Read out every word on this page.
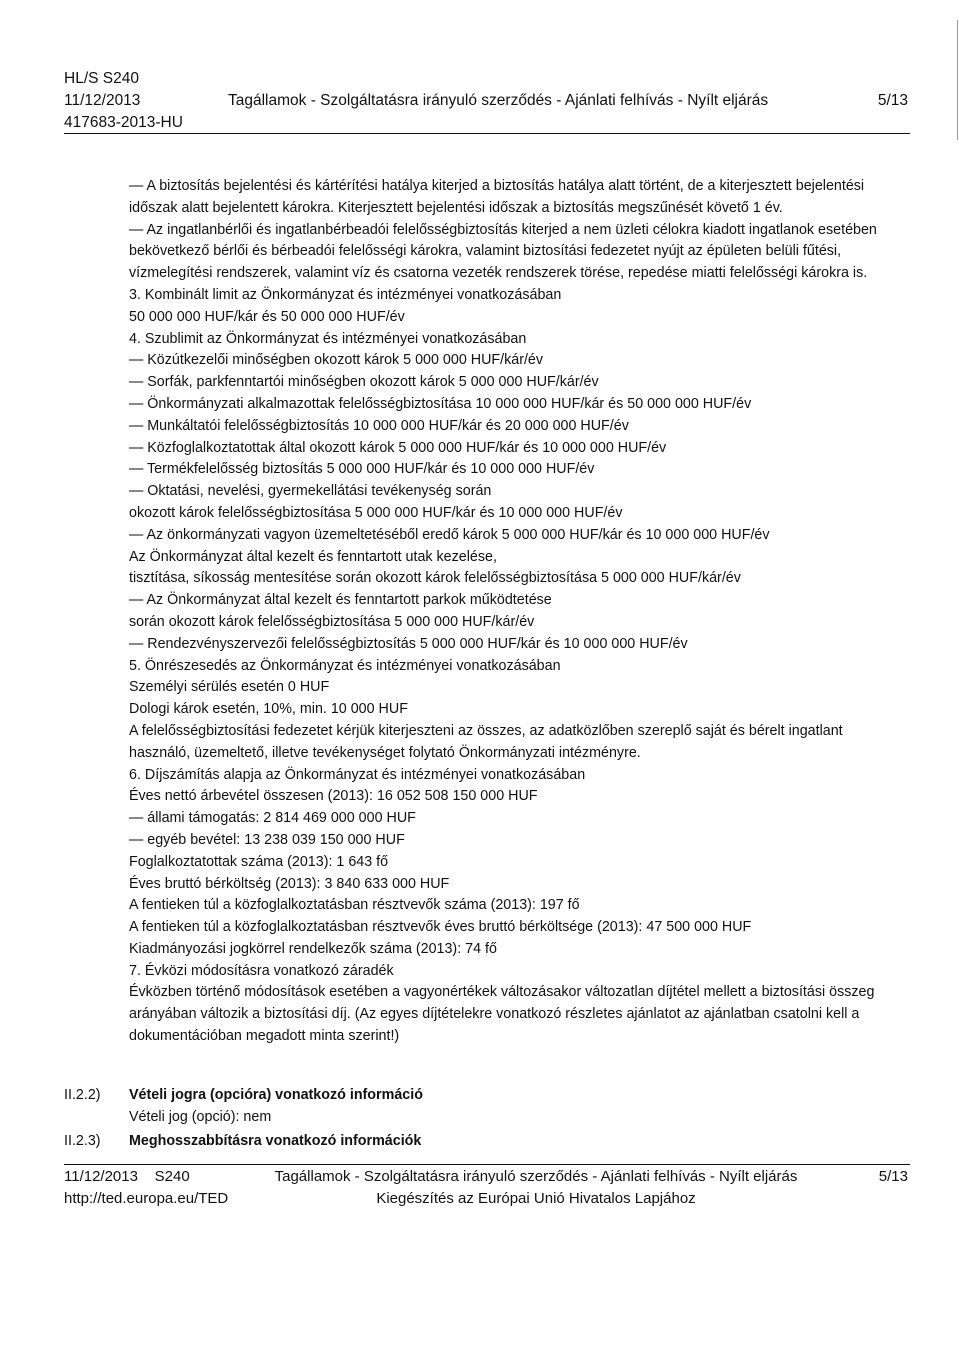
HL/S S240
11/12/2013
417683-2013-HU
Tagállamok - Szolgáltatásra irányuló szerződés - Ajánlati felhívás - Nyílt eljárás	5/13

— A biztosítás bejelentési és kártérítési hatálya kiterjed a biztosítás hatálya alatt történt, de a kiterjesztett bejelentési időszak alatt bejelentett károkra. Kiterjesztett bejelentési időszak a biztosítás megszűnését követő 1 év.

— Az ingatlanbérlői és ingatlanbérbeadói felelősségbiztosítás kiterjed a nem üzleti célokra kiadott ingatlanok esetében bekövetkező bérlői és bérbeadói felelősségi károkra, valamint biztosítási fedezetet nyújt az épületen belüli fűtési, vízmelegítési rendszerek, valamint víz és csatorna vezeték rendszerek törése, repedése miatti felelősségi károkra is.

3. Kombinált limit az Önkormányzat és intézményei vonatkozásában

50 000 000 HUF/kár és 50 000 000 HUF/év

4. Szublimit az Önkormányzat és intézményei vonatkozásában

— Közútkezelői minőségben okozott károk 5 000 000 HUF/kár/év

— Sorfák, parkfenntartói minőségben okozott károk 5 000 000 HUF/kár/év

— Önkormányzati alkalmazottak felelősségbiztosítása 10 000 000 HUF/kár és 50 000 000 HUF/év

— Munkáltatói felelősségbiztosítás 10 000 000 HUF/kár és 20 000 000 HUF/év

— Közfoglalkoztatottak által okozott károk 5 000 000 HUF/kár és 10 000 000 HUF/év

— Termékfelelősség biztosítás 5 000 000 HUF/kár és 10 000 000 HUF/év

— Oktatási, nevelési, gyermekellátási tevékenység során

okozott károk felelősségbiztosítása 5 000 000 HUF/kár és 10 000 000 HUF/év

— Az önkormányzati vagyon üzemeltetéséből eredő károk 5 000 000 HUF/kár és 10 000 000 HUF/év

Az Önkormányzat által kezelt és fenntartott utak kezelése,

tisztítása, síkosság mentesítése során okozott károk felelősségbiztosítása 5 000 000 HUF/kár/év

— Az Önkormányzat által kezelt és fenntartott parkok működtetése

során okozott károk felelősségbiztosítása 5 000 000 HUF/kár/év

— Rendezvényszervezői felelősségbiztosítás 5 000 000 HUF/kár és 10 000 000 HUF/év

5. Önrészesedés az Önkormányzat és intézményei vonatkozásában

Személyi sérülés esetén 0 HUF

Dologi károk esetén, 10%, min. 10 000 HUF

A felelősségbiztosítási fedezetet kérjük kiterjeszteni az összes, az adatközlőben szereplő saját és bérelt ingatlant használó, üzemeltető, illetve tevékenységet folytató Önkormányzati intézményre.

6. Díjszámítás alapja az Önkormányzat és intézményei vonatkozásában

Éves nettó árbevétel összesen (2013): 16 052 508 150 000 HUF

— állami támogatás: 2 814 469 000 000 HUF

— egyéb bevétel: 13 238 039 150 000 HUF

Foglalkoztatottak száma (2013): 1 643 fő

Éves bruttó bérköltség (2013): 3 840 633 000 HUF

A fentieken túl a közfoglalkoztatásban résztvevők száma (2013): 197 fő

A fentieken túl a közfoglalkoztatásban résztvevők éves bruttó bérköltsége (2013): 47 500 000 HUF

Kiadmányozási jogkörrel rendelkezők száma (2013): 74 fő

7. Évközi módosításra vonatkozó záradék

Évközben történő módosítások esetében a vagyonértékek változásakor változatlan díjtétel mellett a biztosítási összeg arányában változik a biztosítási díj. (Az egyes díjtételekre vonatkozó részletes ajánlatot az ajánlatban csatolni kell a dokumentációban megadott minta szerint!)

II.2.2)	Vételi jogra (opcióra) vonatkozó információ
Vételi jog (opció): nem
II.2.3)	Meghosszabbításra vonatkozó információk
11/12/2013 S240
http://ted.europa.eu/TED
Tagállamok - Szolgáltatásra irányuló szerződés - Ajánlati felhívás - Nyílt eljárás
Kiegészítés az Európai Unió Hivatalos Lapjához
5/13
